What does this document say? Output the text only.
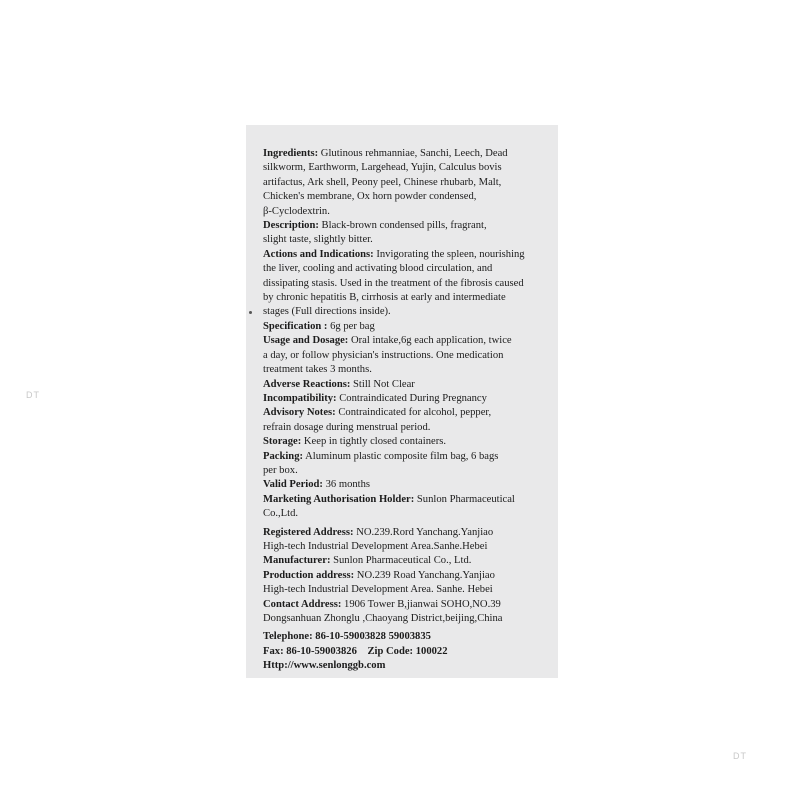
DT
DT
Ingredients: Glutinous rehmanniae, Sanchi, Leech, Dead
silkworm, Earthworm, Largehead, Yujin, Calculus bovis
artifactus, Ark shell, Peony peel, Chinese rhubarb, Malt,
Chicken's membrane, Ox horn powder condensed,
β-Cyclodextrin.
Description: Black-brown condensed pills, fragrant,
slight taste, slightly bitter.
Actions and Indications: Invigorating the spleen, nourishing
the liver, cooling and activating blood circulation, and
dissipating stasis. Used in the treatment of the fibrosis caused
by chronic hepatitis B, cirrhosis at early and intermediate
stages (Full directions inside).
Specification : 6g per bag
Usage and Dosage: Oral intake,6g each application, twice
a day, or follow physician's instructions. One medication
treatment takes 3 months.
Adverse Reactions: Still Not Clear
Incompatibility: Contraindicated During Pregnancy
Advisory Notes: Contraindicated for alcohol, pepper,
refrain dosage during menstrual period.
Storage: Keep in tightly closed containers.
Packing: Aluminum plastic composite film bag, 6 bags
per box.
Valid Period: 36 months
Marketing Authorisation Holder: Sunlon Pharmaceutical
Co.,Ltd.
Registered Address: NO.239.Rord Yanchang.Yanjiao
High-tech Industrial Development Area.Sanhe.Hebei
Manufacturer: Sunlon Pharmaceutical Co., Ltd.
Production address: NO.239 Road Yanchang.Yanjiao
High-tech Industrial Development Area. Sanhe. Hebei
Contact Address: 1906 Tower B,jianwai SOHO,NO.39
Dongsanhuan Zhonglu ,Chaoyang District,beijing,China
Telephone: 86-10-59003828 59003835
Fax: 86-10-59003826 Zip Code: 100022
Http://www.senlonggb.com
